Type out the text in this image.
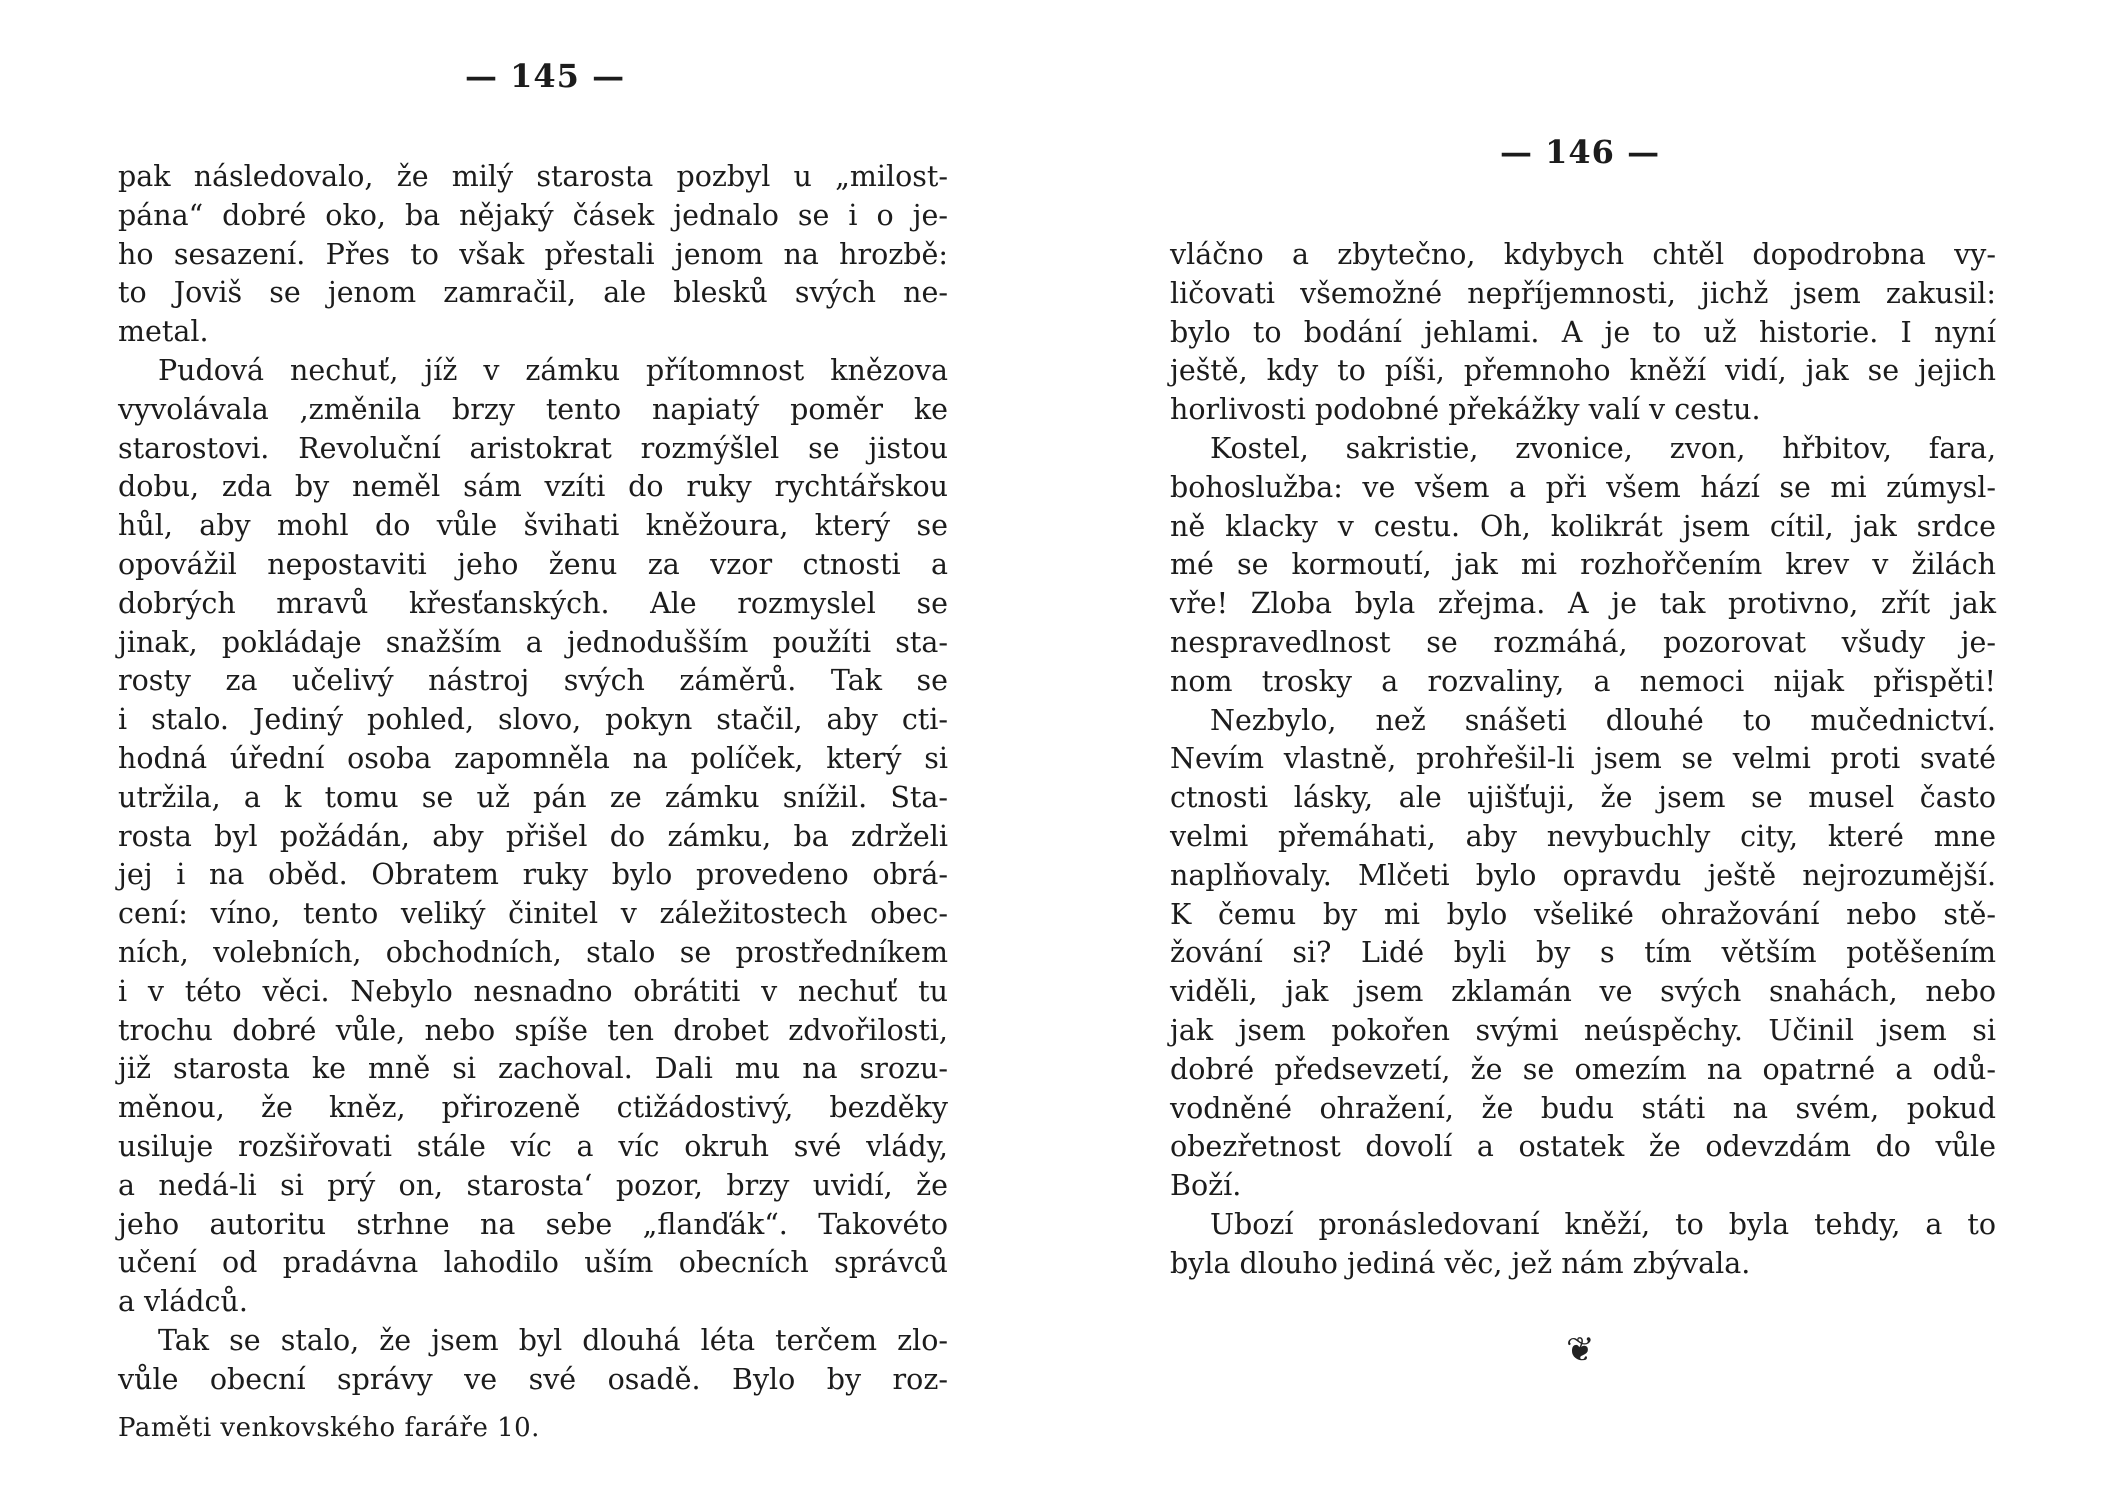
— 145 —
pak následovalo, že milý starosta pozbyl u „milost-
pána“ dobré oko, ba nějaký čásek jednalo se i o je-
ho sesazení. Přes to však přestali jenom na hrozbě:
to Joviš se jenom zamračil, ale blesků svých ne-
metal.
Pudová nechuť, jíž v zámku přítomnost knězova
vyvolávala ,změnila brzy tento napiatý poměr ke
starostovi. Revoluční aristokrat rozmýšlel se jistou
dobu, zda by neměl sám vzíti do ruky rychtářskou
hůl, aby mohl do vůle švihati kněžoura, který se
opovážil nepostaviti jeho ženu za vzor ctnosti a
dobrých mravů křesťanských. Ale rozmyslel se
jinak, pokládaje snažším a jednodušším použíti sta-
rosty za učelivý nástroj svých záměrů. Tak se
i stalo. Jediný pohled, slovo, pokyn stačil, aby cti-
hodná úřední osoba zapomněla na políček, který si
utržila, a k tomu se už pán ze zámku snížil. Sta-
rosta byl požádán, aby přišel do zámku, ba zdrželi
jej i na oběd. Obratem ruky bylo provedeno obrá-
cení: víno, tento veliký činitel v záležitostech obec-
ních, volebních, obchodních, stalo se prostředníkem
i v této věci. Nebylo nesnadno obrátiti v nechuť tu
trochu dobré vůle, nebo spíše ten drobet zdvořilosti,
již starosta ke mně si zachoval. Dali mu na srozu-
měnou, že kněz, přirozeně ctižádostivý, bezděky
usiluje rozšiřovati stále víc a víc okruh své vlády,
a nedá-li si prý on, starosta‘ pozor, brzy uvidí, že
jeho autoritu strhne na sebe „flanďák“. Takovéto
učení od pradávna lahodilo uším obecních správců
a vládců.
Tak se stalo, že jsem byl dlouhá léta terčem zlo-
vůle obecní správy ve své osadě. Bylo by roz-
Paměti venkovského faráře 10.
— 146 —
vláčno a zbytečno, kdybych chtěl dopodrobna vy-
ličovati všemožné nepříjemnosti, jichž jsem zakusil:
bylo to bodání jehlami. A je to už historie. I nyní
ještě, kdy to píši, přemnoho kněží vidí, jak se jejich
horlivosti podobné překážky valí v cestu.
Kostel, sakristie, zvonice, zvon, hřbitov, fara,
bohoslužba: ve všem a při všem hází se mi zúmysl-
ně klacky v cestu. Oh, kolikrát jsem cítil, jak srdce
mé se kormoutí, jak mi rozhořčením krev v žilách
vře! Zloba byla zřejma. A je tak protivno, zřít jak
nespravedlnost se rozmáhá, pozorovat všudy je-
nom trosky a rozvaliny, a nemoci nijak přispěti!
Nezbylo, než snášeti dlouhé to mučednictví.
Nevím vlastně, prohřešil-li jsem se velmi proti svaté
ctnosti lásky, ale ujišťuji, že jsem se musel často
velmi přemáhati, aby nevybuchly city, které mne
naplňovaly. Mlčeti bylo opravdu ještě nejrozumější.
K čemu by mi bylo všeliké ohražování nebo stě-
žování si? Lidé byli by s tím větším potěšením
viděli, jak jsem zklamán ve svých snahách, nebo
jak jsem pokořen svými neúspěchy. Učinil jsem si
dobré předsevzetí, že se omezím na opatrné a odů-
vodněné ohražení, že budu státi na svém, pokud
obezřetnost dovolí a ostatek že odevzdám do vůle
Boží.
Ubozí pronásledovaní kněží, to byla tehdy, a to
byla dlouho jediná věc, jež nám zbývala.
❦
